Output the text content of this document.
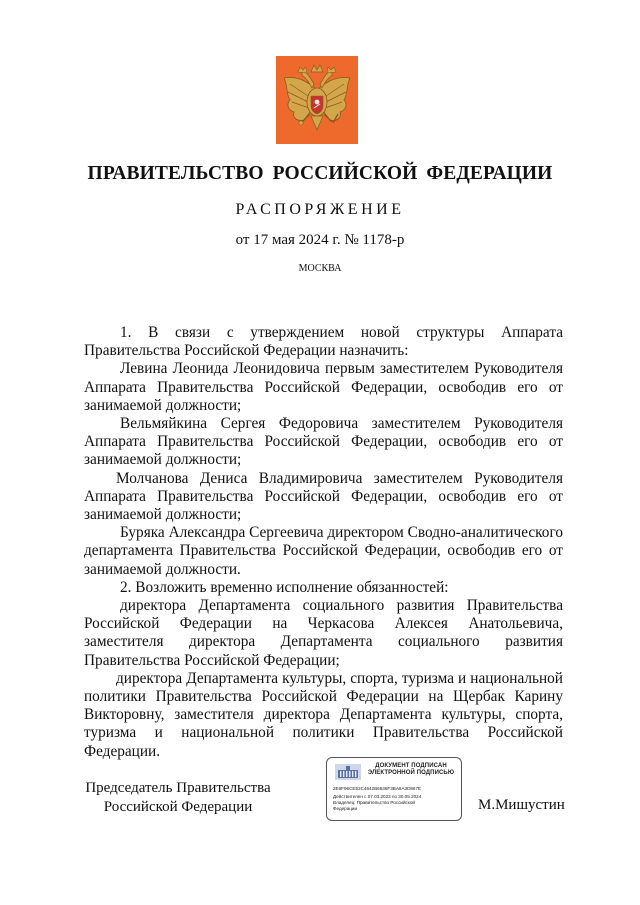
ПРАВИТЕЛЬСТВО РОССИЙСКОЙ ФЕДЕРАЦИИ
РАСПОРЯЖЕНИЕ
от 17 мая 2024 г. № 1178-р
МОСКВА

1. В связи с утверждением новой структуры Аппарата Правительства Российской Федерации назначить:

Левина Леонида Леонидовича первым заместителем Руководителя Аппарата Правительства Российской Федерации, освободив его от занимаемой должности;

Вельмяйкина Сергея Федоровича заместителем Руководителя Аппарата Правительства Российской Федерации, освободив его от занимаемой должности;

Молчанова Дениса Владимировича заместителем Руководителя Аппарата Правительства Российской Федерации, освободив его от занимаемой должности;

Буряка Александра Сергеевича директором Сводно-аналитического департамента Правительства Российской Федерации, освободив его от занимаемой должности.

2. Возложить временно исполнение обязанностей:

директора Департамента социального развития Правительства Российской Федерации на Черкасова Алексея Анатольевича, заместителя директора Департамента социального развития Правительства Российской Федерации;

директора Департамента культуры, спорта, туризма и национальной политики Правительства Российской Федерации на Щербак Карину Викторовну, заместителя директора Департамента культуры, спорта, туризма и национальной политики Правительства Российской Федерации.

Председатель Правительства
Российской Федерации
ДОКУМЕНТ ПОДПИСАН
ЭЛЕКТРОННОЙ ПОДПИСЬЮ
2E6F96CE53C4642B6636F3BA8A3D867E
Действителен с 07.03.2023 по 30.05.2024
Владелец: Правительство Российской
Федерации	М.Мишустин
